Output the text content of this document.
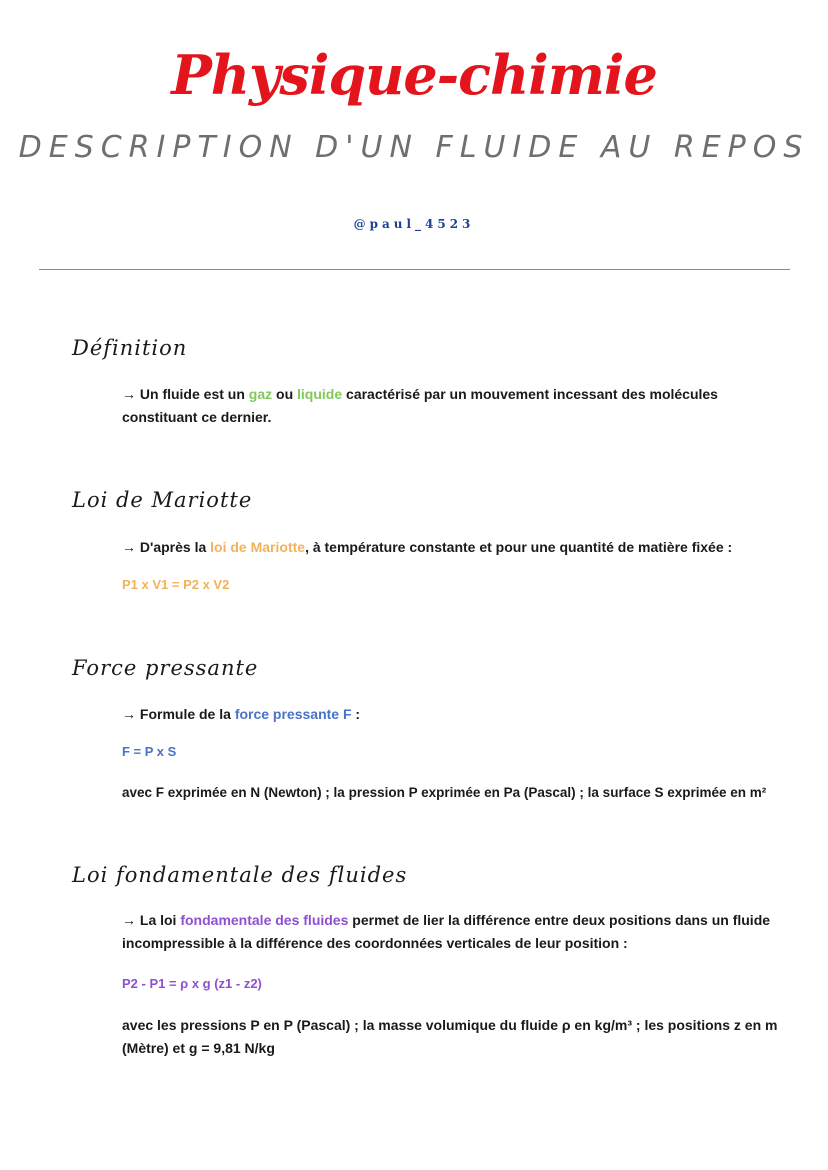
Physique-chimie
DESCRIPTION D'UN FLUIDE AU REPOS
@paul_4523
Définition

→ Un fluide est un gaz ou liquide caractérisé par un mouvement incessant des molécules constituant ce dernier.

Loi de Mariotte

→ D'après la loi de Mariotte, à température constante et pour une quantité de matière fixée :

P1 x V1 = P2 x V2

Force pressante

→ Formule de la force pressante F :

F = P x S

avec F exprimée en N (Newton) ; la pression P exprimée en Pa (Pascal) ; la surface S exprimée en m²

Loi fondamentale des fluides

→ La loi fondamentale des fluides permet de lier la différence entre deux positions dans un fluide incompressible à la différence des coordonnées verticales de leur position :

P2 - P1 = ρ x g (z1 - z2)

avec les pressions P en P (Pascal) ; la masse volumique du fluide ρ en kg/m³ ; les positions z en m (Mètre) et g = 9,81 N/kg
